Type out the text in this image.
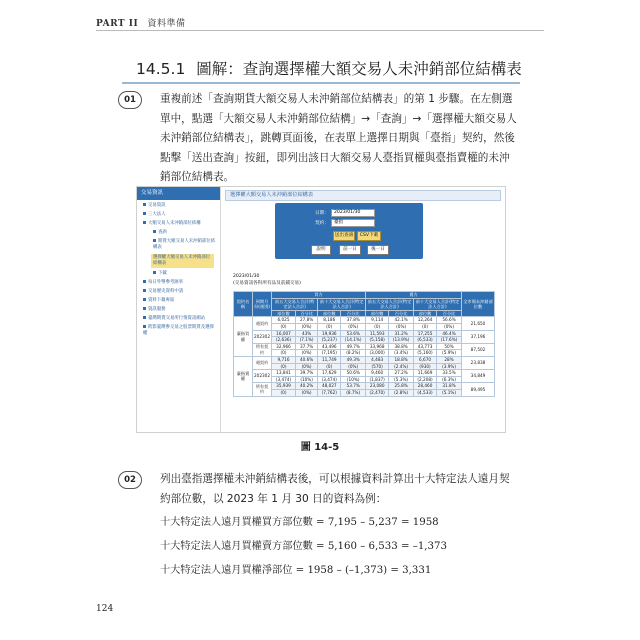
PART II 資料準備
14.5.1 圖解：查詢選擇權大額交易人未沖銷部位結構表
01	重複前述「查詢期貨大額交易人未沖銷部位結構表」的第 1 步驟。在左側選單中，點選「大額交易人未沖銷部位結構」→「查詢」→「選擇權大額交易人未沖銷部位結構表」，跳轉頁面後，在表單上選擇日期與「臺指」契約，然後點擊「送出查詢」按鈕，即列出該日大額交易人臺指買權與臺指賣權的未沖銷部位結構表。
交易資訊
交易資訊
三大法人
大額交易人未沖銷部位結構
查詢
期貨大額交易人未沖銷部位結構表
選擇權大額交易人未沖銷部位結構表
下載
每日外幣參考匯率
交易歷史資料中請
資料下載專區
資訊服務
臺灣期貨交易所行情資訊網站
跨影臺灣參交易之股票期貨及選擇權
選擇權大額交易人未沖銷部位結構表
日期：	2023/01/30
契約：	臺指
送出查詢	CSV下載
說明	前一日	後一日
2023/01/30
(交易資訊各科所有品及前鋪交易)
契約名稱	到期月份(週別)	買方				賣方				全市場未沖銷部位數
		前五大交易人合計(特定法人合計)		前十大交易人合計(特定法人合計)		前五大交易人合計(特定法人合計)		前十大交易人合計(特定法人合計)		
		部位數	百分比	部位數	百分比	部位數	百分比	部位數	百分比	
臺指買權	週契約	6,025	27.8%	8,186	37.8%	9,114	42.1%	12,264	56.6%	21,650
		(0)	(0%)	(0)	(0%)	(0)	(0%)	(0)	(0%)	
	202302	16,007	43%	19,936	53.6%	11,593	31.2%	17,255	46.4%	37,196
		(2,636)	(7.1%)	(5,237)	(14.1%)	(5,158)	(13.9%)	(6,533)	(17.6%)	
	所有契約	32,966	37.7%	43,496	49.7%	33,968	38.8%	43,773	50%	87,502
		(0)	(0%)	(7,195)	(8.2%)	(3,000)	(3.4%)	(5,160)	(5.9%)	
臺指賣權	週契約	9,716	40.6%	11,749	49.3%	4,483	18.8%	6,670	28%	23,838
		(0)	(0%)	(0)	(0%)	(570)	(2.4%)	(930)	(3.9%)	
	202302	13,841	39.7%	17,629	50.6%	9,460	27.2%	11,669	33.5%	34,849
		(3,474)	(10%)	(3,474)	(10%)	(1,837)	(5.3%)	(2,208)	(6.3%)	
	所有契約	35,939	40.2%	48,027	53.7%	23,080	25.8%	28,460	31.8%	89,495
		(0)	(0%)	(7,762)	(8.7%)	(2,470)	(2.8%)	(4,533)	(5.1%)	
圖 14-5
02	列出臺指選擇權未沖銷結構表後，可以根據資料計算出十大特定法人遠月契約部位數，以 2023 年 1 月 30 日的資料為例：
十大特定法人遠月買權買方部位數 = 7,195 – 5,237 = 1958
十大特定法人遠月買權賣方部位數 = 5,160 – 6,533 = –1,373
十大特定法人遠月買權淨部位 = 1958 – (–1,373) = 3,331
124
